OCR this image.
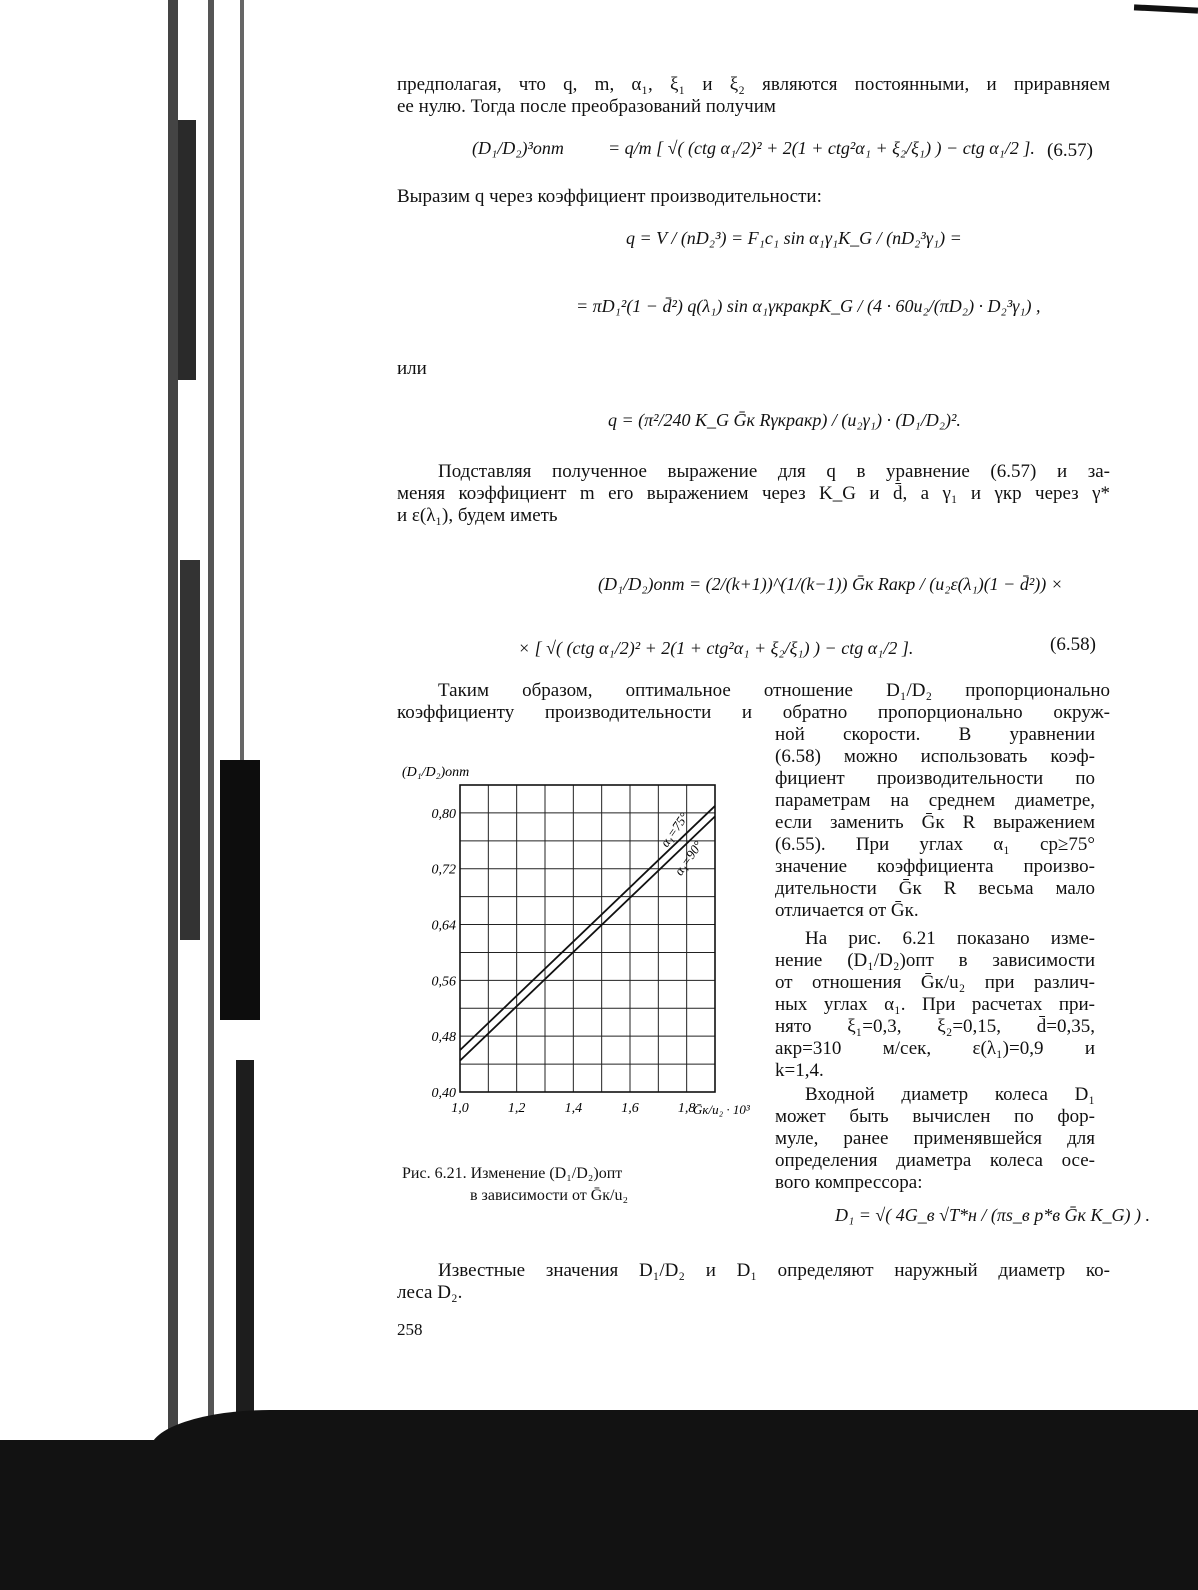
предполагая, что q, m, α₁, ξ₁ и ξ₂ являются постоянными, и приравняем
ее нулю. Тогда после преобразований получим
(D₁/D₂)³опт = q/m [ √( (ctg α₁/2)² + 2(1 + ctg²α₁ + ξ₂/ξ₁) ) − ctg α₁/2 ]. (6.57)
Выразим q через коэффициент производительности:
q = V / (nD₂³) = F₁c₁ sin α₁γ₁K_G / (nD₂³γ₁) =
= πD₁²(1 − d̄²) q(λ₁) sin α₁γкрaкрK_G / (4 · 60u₂/(πD₂) · D₂³γ₁) ,
или
q = (π²/240 K_G Ḡк Rγкрaкр) / (u₂γ₁) · (D₁/D₂)².
Подставляя полученное выражение для q в уравнение (6.57) и за-
меняя коэффициент m его выражением через K_G и d̄, а γ₁ и γкр через γ*
и ε(λ₁), будем иметь
(D₁/D₂)опт = (2/(k+1))^(1/(k−1)) Ḡк Raкр / (u₂ε(λ₁)(1 − d̄²)) ×
× [ √( (ctg α₁/2)² + 2(1 + ctg²α₁ + ξ₂/ξ₁) ) − ctg α₁/2 ].	(6.58)
Таким образом, оптимальное отношение D₁/D₂ пропорционально
коэффициенту производительности и обратно пропорционально окруж-
ной скорости. В уравнении
(6.58) можно использовать коэф-
фициент производительности по
параметрам на среднем диаметре,
если заменить Ḡк R выражением
(6.55). При углах α₁ ср≥75°
значение коэффициента произво-
дительности Ḡк R весьма мало
отличается от Ḡк.
На рис. 6.21 показано изме-
нение (D₁/D₂)опт в зависимости
от отношения Ḡк/u₂ при различ-
ных углах α₁. При расчетах при-
нято ξ₁=0,3, ξ₂=0,15, d̄=0,35,
aкр=310 м/сек, ε(λ₁)=0,9 и
k=1,4.
Входной диаметр колеса D₁
может быть вычислен по фор-
муле, ранее применявшейся для
определения диаметра колеса осе-
вого компрессора:
D₁ = √( 4G_в √T*н / (πs_в p*в Ḡк K_G) ) .
Известные значения D₁/D₂ и D₁ определяют наружный диаметр ко-
леса D₂.
258
0,40
0,48
0,56
0,64
0,72
0,80
1,0	1,2	1,4	1,6	1,8
(D₁/D₂)опт
Ḡк/u₂ · 10³
α₁=75°
α₁=90°
Рис. 6.21. Изменение (D₁/D₂)опт
в зависимости от Ḡк/u₂
